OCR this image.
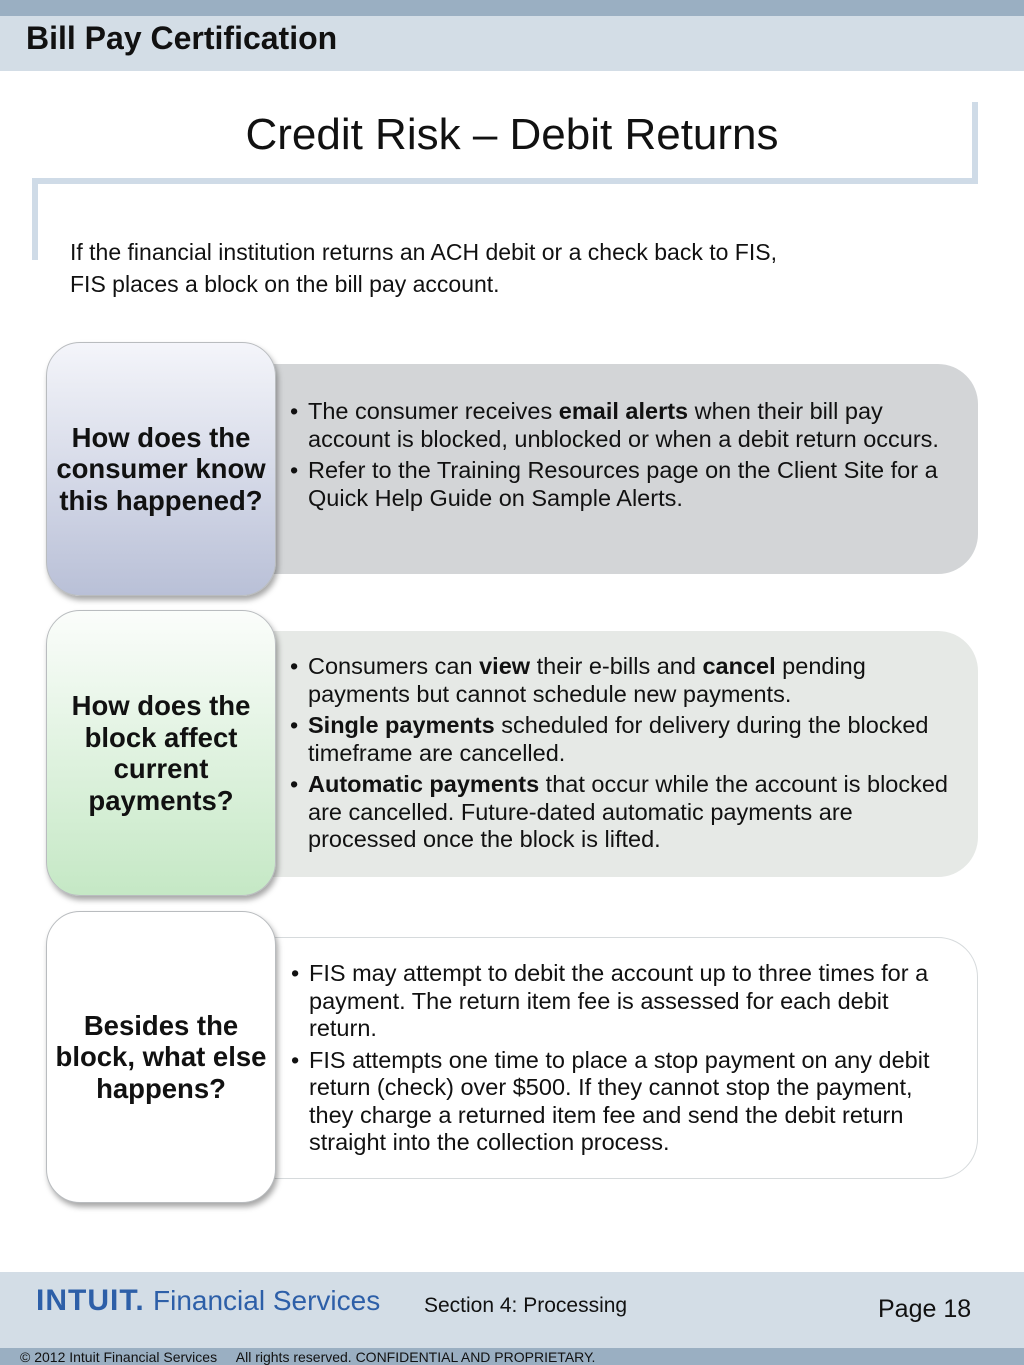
Bill Pay Certification
Credit Risk – Debit Returns
If the financial institution returns an ACH debit or a check back to FIS,
FIS places a block on the bill pay account.
• The consumer receives email alerts when their bill pay account is blocked, unblocked or when a debit return occurs.
• Refer to the Training Resources page on the Client Site for a Quick Help Guide on Sample Alerts.
How does the consumer know this happened?
• Consumers can view their e-bills and cancel pending payments but cannot schedule new payments.
• Single payments scheduled for delivery during the blocked timeframe are cancelled.
• Automatic payments that occur while the account is blocked are cancelled. Future-dated automatic payments are processed once the block is lifted.
How does the block affect current payments?
• FIS may attempt to debit the account up to three times for a payment. The return item fee is assessed for each debit return.
• FIS attempts one time to place a stop payment on any debit return (check) over $500. If they cannot stop the payment, they charge a returned item fee and send the debit return straight into the collection process.
Besides the block, what else happens?
INTUIT. Financial Services Section 4: Processing	Page 18
© 2012 Intuit Financial Services     All rights reserved. CONFIDENTIAL AND PROPRIETARY.
